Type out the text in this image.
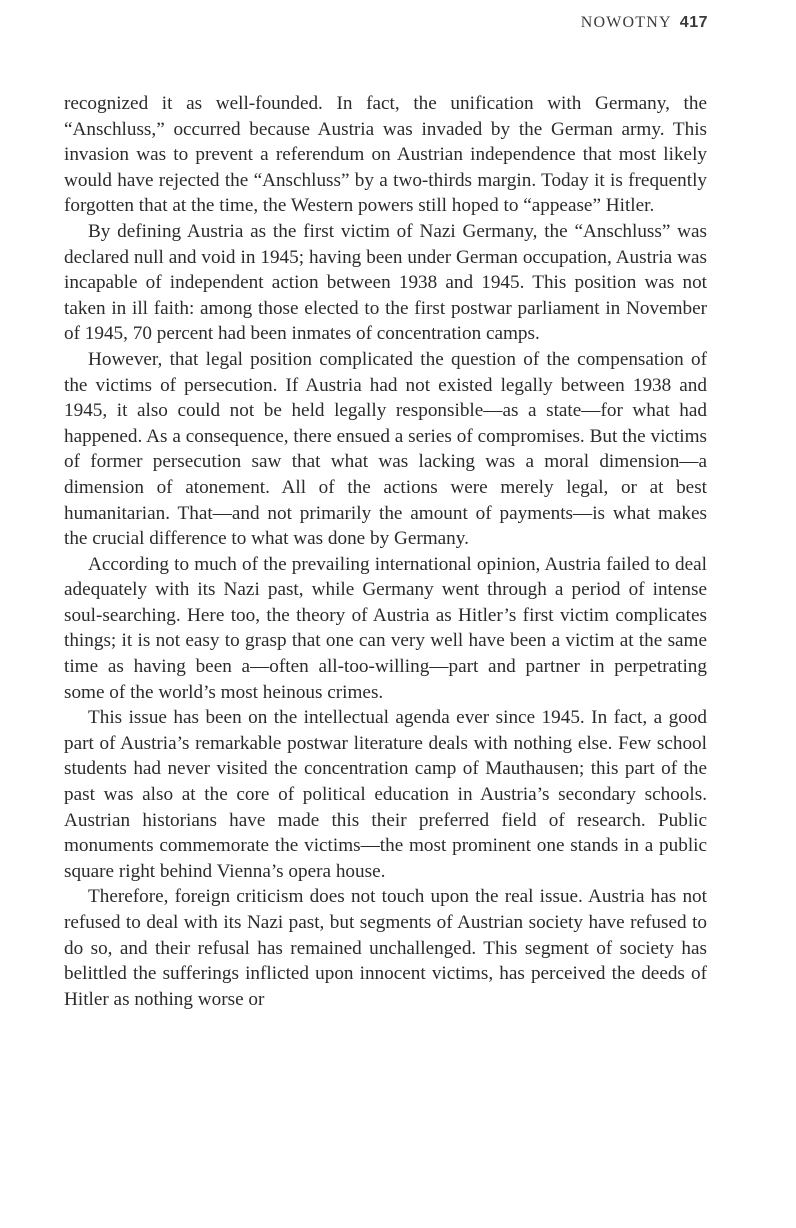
NOWOTNY 417

recognized it as well-founded. In fact, the unification with Germany, the “Anschluss,” occurred because Austria was invaded by the German army. This invasion was to prevent a referendum on Austrian independence that most likely would have rejected the “Anschluss” by a two-thirds margin. Today it is frequently forgotten that at the time, the Western powers still hoped to “appease” Hitler.

By defining Austria as the first victim of Nazi Germany, the “Anschluss” was declared null and void in 1945; having been under German occupation, Austria was incapable of independent action between 1938 and 1945. This position was not taken in ill faith: among those elected to the first postwar parliament in November of 1945, 70 percent had been inmates of concentration camps.

However, that legal position complicated the question of the compensation of the victims of persecution. If Austria had not existed legally between 1938 and 1945, it also could not be held legally responsible—as a state—for what had happened. As a consequence, there ensued a series of compromises. But the victims of former persecution saw that what was lacking was a moral dimension—a dimension of atonement. All of the actions were merely legal, or at best humanitarian. That—and not primarily the amount of payments—is what makes the crucial difference to what was done by Germany.

According to much of the prevailing international opinion, Austria failed to deal adequately with its Nazi past, while Germany went through a period of intense soul-searching. Here too, the theory of Austria as Hitler’s first victim complicates things; it is not easy to grasp that one can very well have been a victim at the same time as having been a—often all-too-willing—part and partner in perpetrating some of the world’s most heinous crimes.

This issue has been on the intellectual agenda ever since 1945. In fact, a good part of Austria’s remarkable postwar literature deals with nothing else. Few school students had never visited the concentration camp of Mauthausen; this part of the past was also at the core of political education in Austria’s secondary schools. Austrian historians have made this their preferred field of research. Public monuments commemorate the victims—the most prominent one stands in a public square right behind Vienna’s opera house.

Therefore, foreign criticism does not touch upon the real issue. Austria has not refused to deal with its Nazi past, but segments of Austrian society have refused to do so, and their refusal has remained unchallenged. This segment of society has belittled the sufferings inflicted upon innocent victims, has perceived the deeds of Hitler as nothing worse or
